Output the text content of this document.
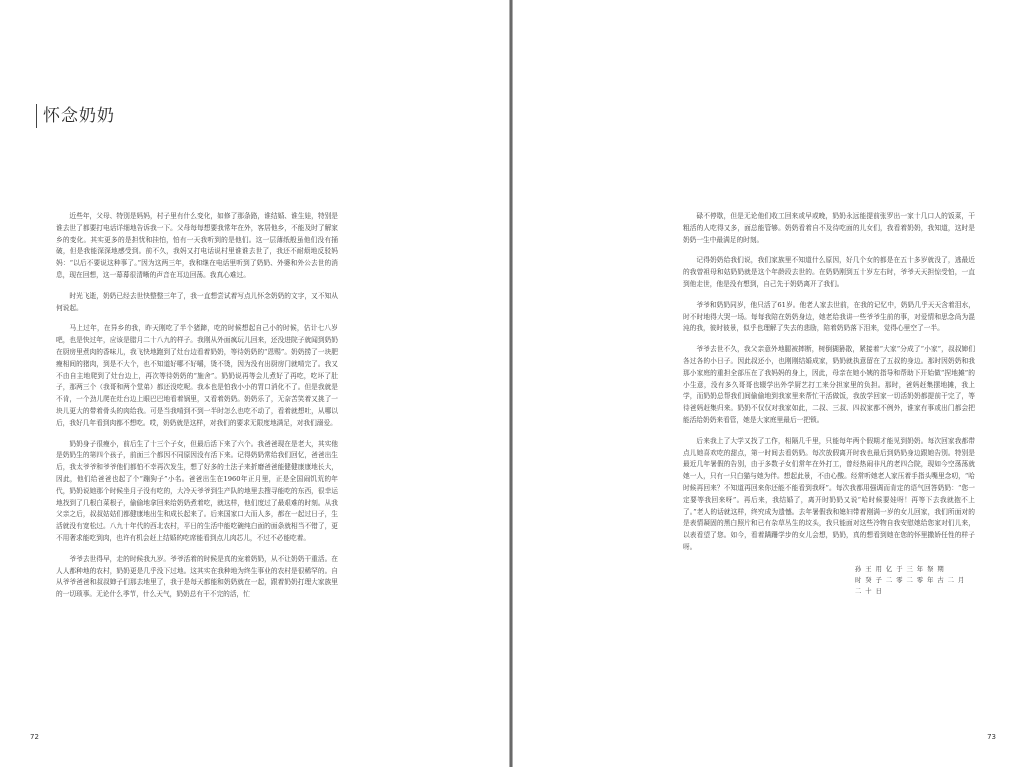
怀念奶奶

近些年，父母、特别是妈妈，村子里有什么变化，如修了那条路，谁结婚、谁生娃，特别是谁去世了都要打电话详细地告诉我一下。父母每每想要我常年在外，客居他乡，不能及时了解家乡的变化。其实更多的是担忧和挂怕，怕有一天我听到的是他们。这一层薄纸般虽他们没有捅破，但是我能深深地感受到。前不久，我妈又打电话说村里谁谁去世了，我还不耐烦地反驳妈妈：“以后不要说这种事了。”因为这两三年，我和继在电话里听到了奶奶、外婆和外公去世的消息，现在回想，这一幕幕很清晰的声音在耳边回荡。我真心难过。

时光飞逝，奶奶已经去世快整整三年了，我一直想尝试着写点儿怀念奶奶的文字，又不知从何说起。

马上过年，在异乡的我，昨天刚吃了半个猪蹄，吃的时候想起自己小的时候，估计七八岁吧，也是快过年，应该是腊月二十八九的样子。我刚从外面疯玩儿回来，还没进院子就闻到奶奶在厨房里煮肉的香味儿，我飞快地跑到了灶台边看着奶奶，等待奶奶的“恩赐”。奶奶捞了一块肥瘦相间的猪肉，到是不大个，也不知道好哪不好嚼，烫不烫，因为没有出厨房门就啃完了。我又不由自主地爬到了灶台边上，再次等待奶奶的“施舍”。奶奶说再等会儿煮好了再吃，吃坏了肚子，那两三个（我哥和两个堂弟）都还没吃呢。我本也是怕我小小的胃口消化不了。但是我就是不肯，一个劲儿爬在灶台边上眼巴巴地看着锅里，又看着奶奶。奶奶乐了，无奈苦笑着又挑了一块儿更大的带着骨头的肉给我。可是当我啃到不到一半时怎么也吃不动了，看着就想吐，从哪以后，我好几年看到肉都不想吃。哎，奶奶就是这样，对我们的要求无限度地满足，对我们溺爱。

奶奶身子很瘦小，前后生了十三个子女，但最后活下来了六个。我爸爸现在是老大，其实他是奶奶生的第四个孩子，前面三个都因不同原因没有活下来。记得奶奶常给我们回忆，爸爸出生后，我太爷爷和爷爷他们都怕不幸再次发生，想了好多的土法子来折磨爸爸能健健康康地长大，因此，他们给爸爸也起了个“蹦狗子”小名。爸爸出生在1960年正月里，正是全国闹饥荒的年代，奶奶说她那个时候坐月子没有吃的，大冷天爷爷到生产队的地里去搜寻能吃的东西，很幸运地找到了几根白菜根子，偷偷地拿回来给奶奶煮着吃，就这样，他们度过了最艰难的时刻。从我父亲之后，叔叔姑姑们都健康地出生和成长起来了。后来国家口大而人多，都在一起过日子，生活就没有宽松过。八九十年代的西北农村，平日的生活中能吃碗纯白面的面条就相当不错了，更不用奢求能吃到肉，也许有机会赶上结婚的吃席能看到点儿肉芯儿，不过不必能吃着。

爷爷去世得早，走的时候我九岁。爷爷活着的时候是真的宠着奶奶，从不让奶奶干重活。在人人都种地的农村，奶奶更是几乎没下过地。这其实在我种地为终生事业的农村是很稀罕的。自从爷爷爸爸和叔叔婶子们那去地里了，我于是每天都能和奶奶就在一起，跟着奶奶打理大家族里的一切琐事。无论什么季节，什么天气，奶奶总有干不完的活，忙

72

碌不停歇，但是无论他们收工回来或早或晚，奶奶永远能提前张罗出一家十几口人的饭菜，干粗活的人吃得又多，面总能管够。奶奶看着自不及待吃面的儿女们，我看着奶奶，我知道，这时是奶奶一生中最满足的时刻。

记得奶奶给我们说，我们家族里不知道什么原因，好几个女的都是在五十多岁就没了，逃最近的我曾祖母和姑奶奶就是这个年龄段去世的。在奶奶刚到五十岁左右时，爷爷天天担惊受怕，一直到他走世，他是没有想到，自己先于奶奶离开了我们。

爷爷和奶奶同岁，他只活了61岁。他老人家去世前，在我的记忆中，奶奶几乎天天含着泪水，时不时地得大哭一场。每每我陪在奶奶身边，她老给我讲一些爷爷生前的事，对爱情和思念尚为混沌的我，彼时彼景，似乎也理解了失去的悲励，陪着奶奶落下泪来，觉得心里空了一半。

爷爷去世不久，我父亲意外地腿被摔断，树倒猢狲散，紧接着“大家”分成了“小家”，叔叔婶们各过各的小日子。因此叔还小，也刚刚结婚成家，奶奶就执意留在了五叔的身边。那时因奶奶和我那小家庭的重担全部压在了我妈妈的身上，因此，母亲在她小姨的指导和帮助下开始做“捏地摊”的小生意，没有多久哥哥也辍学出外学厨艺打工来分担家里的负担。那时，爸妈赶集摆地摊，我上学，而奶奶总帮我们间偷偷地到我家里来帮忙干活做饭，我放学回家一切活奶奶都提前干完了，等待爸妈赶集归来。奶奶不仅仅对我家如此，二叔、三叔、四叔家都不例外，谁家有事或出门都会把能活给奶奶来看管，她是大家庭里最后一把锁。

后来我上了大学又找了工作，相隔几千里，只能每年两个假期才能见到奶奶。每次回家我都带点儿她喜欢吃的甜点，第一时间去看奶奶。每次放假离开时我也最后到奶奶身边跟她告别。特别是最近几年暑假的告别，由于多数子女们常年在外打工，曾经热闹非凡的老四合院，现如今空荡荡就她一人，只有一只白猫与她为伴。想起此景，不由心酸。经常听她老人家压着手指头嘴里念叨，“哈时候再回来？不知道再回来你还能不能看到我呀”。每次我都用强调而肯定的语气回答奶奶：“您一定要等我回来呀”。再后来，我结婚了，离开时奶奶又说“哈时候要娃呀！再等下去我就抱不上了。”老人的话就这样，终究成为遗憾。去年暑假我和媳妇带着刚满一岁的女儿回家，我们所面对的是表情凝固的黑白照片和已有杂草丛生的坟头，我只能面对这些冷物自我安慰她给您家对们儿来，以表看望了您。如今，看着蹒跚学步的女儿会想，奶奶，真的想看到她在您的怀里撒娇任性的样子呀。

孙 王 用 亿 于 三 年 祭 期
时 癸 子 二 零 二 零 年 古 二 月 二 十 日
73
